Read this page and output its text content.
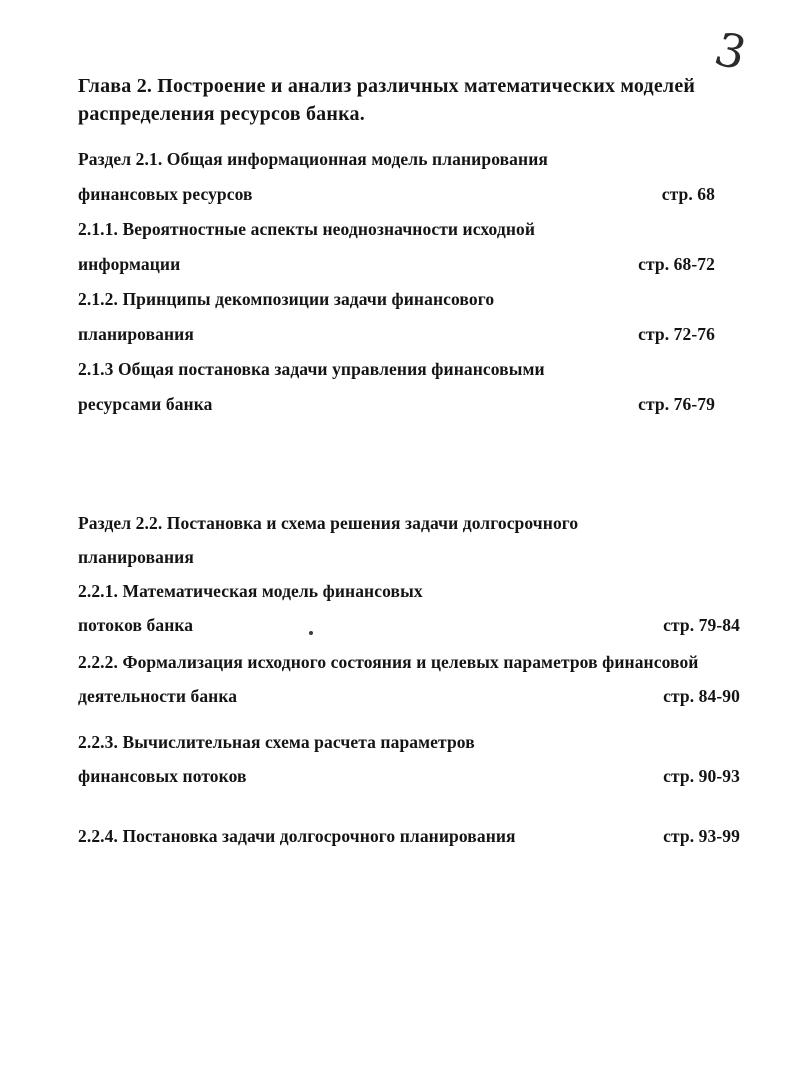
3
Глава 2. Построение и анализ различных математических моделей
распределения ресурсов банка.
Раздел 2.1. Общая информационная модель планирования
финансовых ресурсов	стр. 68
2.1.1. Вероятностные аспекты неоднозначности исходной
информации	стр. 68-72
2.1.2. Принципы декомпозиции задачи финансового
планирования	стр. 72-76
2.1.3 Общая постановка задачи управления финансовыми
ресурсами банка	стр. 76-79
Раздел 2.2. Постановка и схема решения задачи долгосрочного
планирования
2.2.1. Математическая модель финансовых
потоков банка	стр. 79-84
2.2.2. Формализация исходного состояния и целевых параметров финансовой
деятельности банка	стр. 84-90
2.2.3. Вычислительная схема расчета параметров
финансовых потоков	стр. 90-93
2.2.4. Постановка задачи долгосрочного планирования	стр. 93-99
